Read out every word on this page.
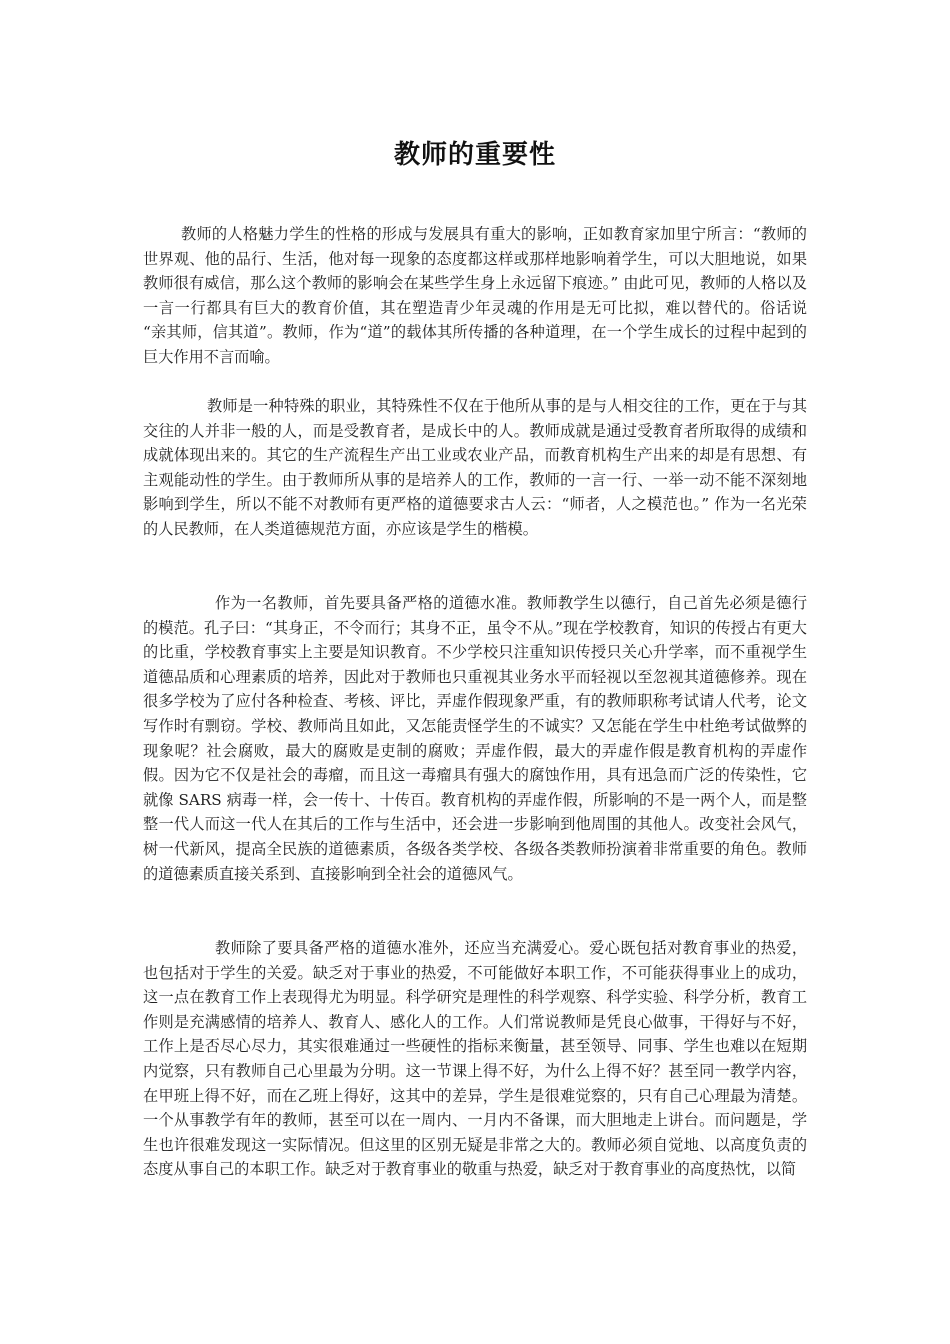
教师的重要性

教师的人格魅力学生的性格的形成与发展具有重大的影响，正如教育家加里宁所言：“教师的世界观、他的品行、生活，他对每一现象的态度都这样或那样地影响着学生，可以大胆地说，如果教师很有威信，那么这个教师的影响会在某些学生身上永远留下痕迹。” 由此可见，教师的人格以及一言一行都具有巨大的教育价值，其在塑造青少年灵魂的作用是无可比拟，难以替代的。俗话说 “亲其师，信其道”。教师，作为“道”的载体其所传播的各种道理，在一个学生成长的过程中起到的巨大作用不言而喻。

教师是一种特殊的职业，其特殊性不仅在于他所从事的是与人相交往的工作，更在于与其交往的人并非一般的人，而是受教育者，是成长中的人。教师成就是通过受教育者所取得的成绩和成就体现出来的。其它的生产流程生产出工业或农业产品，而教育机构生产出来的却是有思想、有主观能动性的学生。由于教师所从事的是培养人的工作，教师的一言一行、一举一动不能不深刻地影响到学生，所以不能不对教师有更严格的道德要求古人云：“师者，人之模范也。” 作为一名光荣的人民教师，在人类道德规范方面，亦应该是学生的楷模。

作为一名教师，首先要具备严格的道德水准。教师教学生以德行，自己首先必须是德行的模范。孔子曰：“其身正，不令而行；其身不正，虽令不从。”现在学校教育，知识的传授占有更大的比重，学校教育事实上主要是知识教育。不少学校只注重知识传授只关心升学率，而不重视学生道德品质和心理素质的培养，因此对于教师也只重视其业务水平而轻视以至忽视其道德修养。现在很多学校为了应付各种检查、考核、评比，弄虚作假现象严重，有的教师职称考试请人代考，论文写作时有剽窃。学校、教师尚且如此，又怎能责怪学生的不诚实？又怎能在学生中杜绝考试做弊的现象呢？社会腐败，最大的腐败是吏制的腐败；弄虚作假，最大的弄虚作假是教育机构的弄虚作假。因为它不仅是社会的毒瘤，而且这一毒瘤具有强大的腐蚀作用，具有迅急而广泛的传染性，它就像 SARS 病毒一样，会一传十、十传百。教育机构的弄虚作假，所影响的不是一两个人，而是整整一代人而这一代人在其后的工作与生活中，还会进一步影响到他周围的其他人。改变社会风气，树一代新风，提高全民族的道德素质，各级各类学校、各级各类教师扮演着非常重要的角色。教师的道德素质直接关系到、直接影响到全社会的道德风气。

教师除了要具备严格的道德水准外，还应当充满爱心。爱心既包括对教育事业的热爱，也包括对于学生的关爱。缺乏对于事业的热爱，不可能做好本职工作，不可能获得事业上的成功，这一点在教育工作上表现得尤为明显。科学研究是理性的科学观察、科学实验、科学分析，教育工作则是充满感情的培养人、教育人、感化人的工作。人们常说教师是凭良心做事，干得好与不好，工作上是否尽心尽力，其实很难通过一些硬性的指标来衡量，甚至领导、同事、学生也难以在短期内觉察，只有教师自己心里最为分明。这一节课上得不好，为什么上得不好？甚至同一教学内容，在甲班上得不好，而在乙班上得好，这其中的差异，学生是很难觉察的，只有自己心理最为清楚。一个从事教学有年的教师，甚至可以在一周内、一月内不备课，而大胆地走上讲台。而问题是，学生也许很难发现这一实际情况。但这里的区别无疑是非常之大的。教师必须自觉地、以高度负责的态度从事自己的本职工作。缺乏对于教育事业的敬重与热爱，缺乏对于教育事业的高度热忱，以简
